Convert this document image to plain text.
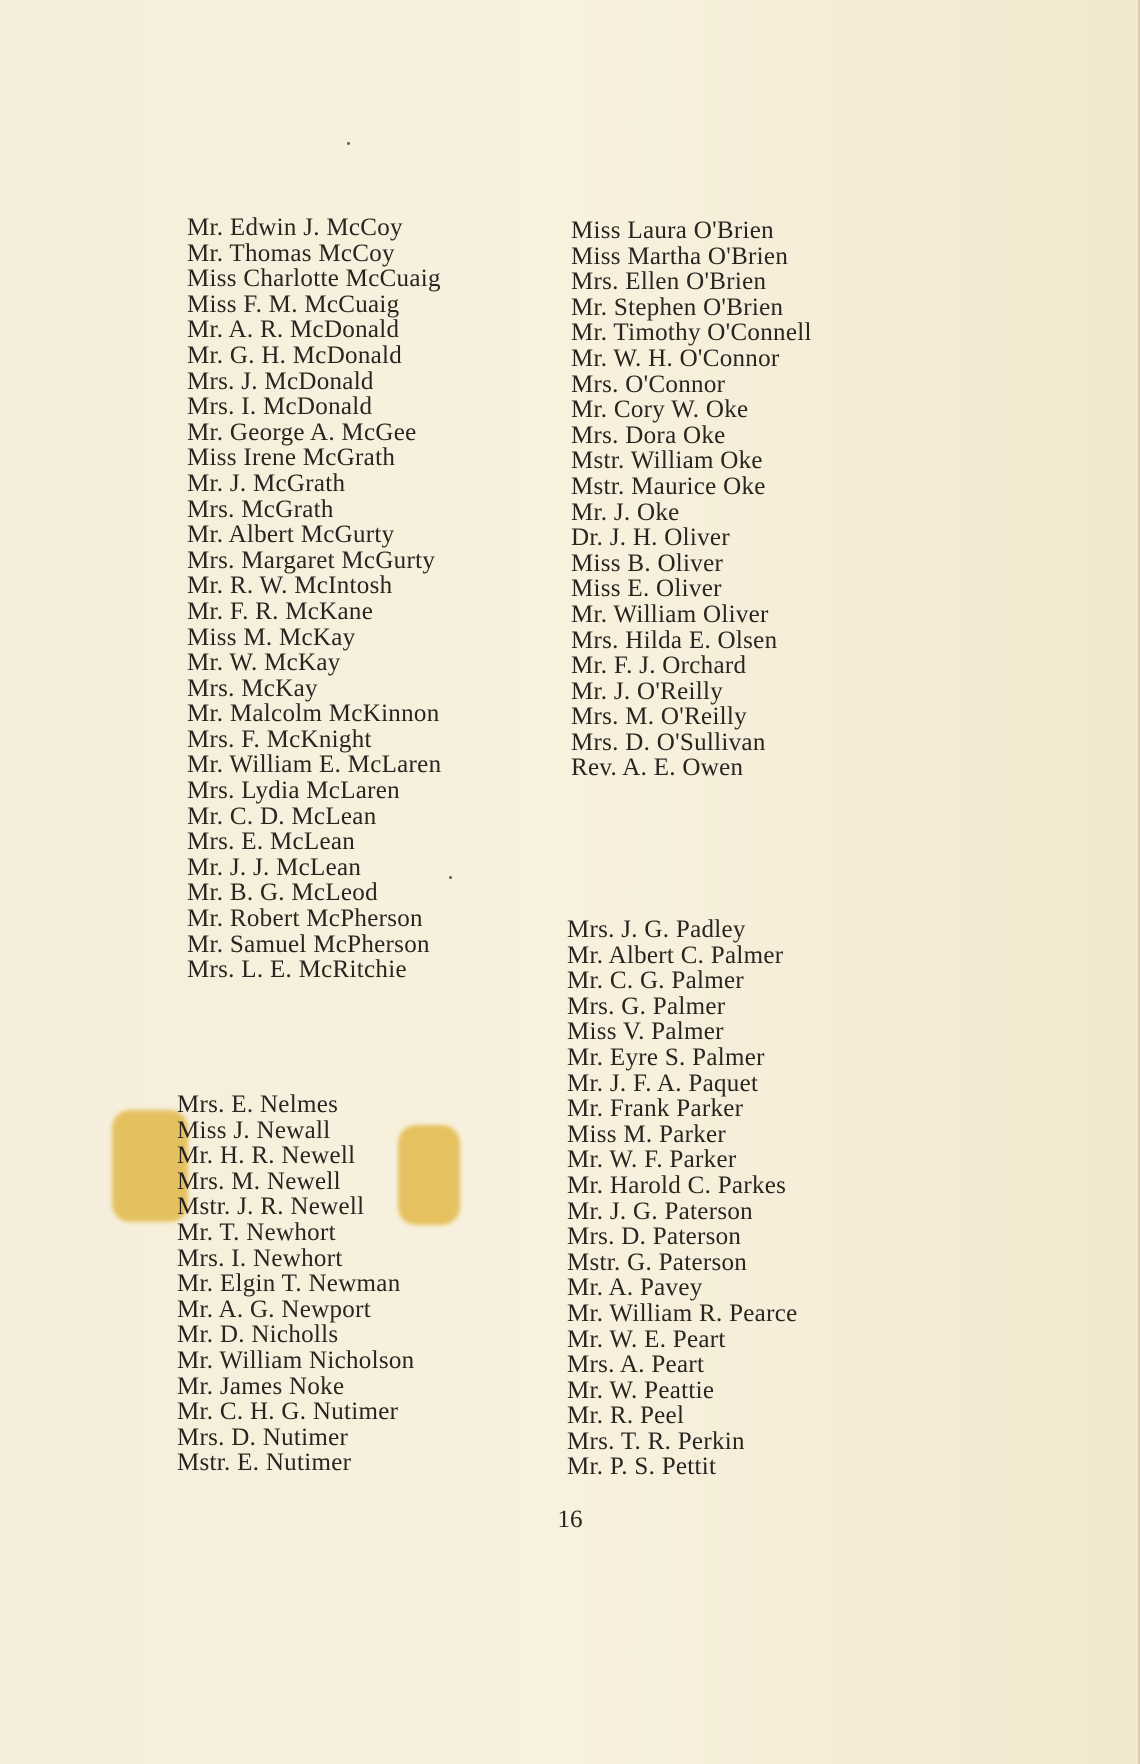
Mr. Edwin J. McCoy
Mr. Thomas McCoy
Miss Charlotte McCuaig
Miss F. M. McCuaig
Mr. A. R. McDonald
Mr. G. H. McDonald
Mrs. J. McDonald
Mrs. I. McDonald
Mr. George A. McGee
Miss Irene McGrath
Mr. J. McGrath
Mrs. McGrath
Mr. Albert McGurty
Mrs. Margaret McGurty
Mr. R. W. McIntosh
Mr. F. R. McKane
Miss M. McKay
Mr. W. McKay
Mrs. McKay
Mr. Malcolm McKinnon
Mrs. F. McKnight
Mr. William E. McLaren
Mrs. Lydia McLaren
Mr. C. D. McLean
Mrs. E. McLean
Mr. J. J. McLean
Mr. B. G. McLeod
Mr. Robert McPherson
Mr. Samuel McPherson
Mrs. L. E. McRitchie
Mrs. E. Nelmes
Miss J. Newall
Mr. H. R. Newell
Mrs. M. Newell
Mstr. J. R. Newell
Mr. T. Newhort
Mrs. I. Newhort
Mr. Elgin T. Newman
Mr. A. G. Newport
Mr. D. Nicholls
Mr. William Nicholson
Mr. James Noke
Mr. C. H. G. Nutimer
Mrs. D. Nutimer
Mstr. E. Nutimer
Miss Laura O'Brien
Miss Martha O'Brien
Mrs. Ellen O'Brien
Mr. Stephen O'Brien
Mr. Timothy O'Connell
Mr. W. H. O'Connor
Mrs. O'Connor
Mr. Cory W. Oke
Mrs. Dora Oke
Mstr. William Oke
Mstr. Maurice Oke
Mr. J. Oke
Dr. J. H. Oliver
Miss B. Oliver
Miss E. Oliver
Mr. William Oliver
Mrs. Hilda E. Olsen
Mr. F. J. Orchard
Mr. J. O'Reilly
Mrs. M. O'Reilly
Mrs. D. O'Sullivan
Rev. A. E. Owen
Mrs. J. G. Padley
Mr. Albert C. Palmer
Mr. C. G. Palmer
Mrs. G. Palmer
Miss V. Palmer
Mr. Eyre S. Palmer
Mr. J. F. A. Paquet
Mr. Frank Parker
Miss M. Parker
Mr. W. F. Parker
Mr. Harold C. Parkes
Mr. J. G. Paterson
Mrs. D. Paterson
Mstr. G. Paterson
Mr. A. Pavey
Mr. William R. Pearce
Mr. W. E. Peart
Mrs. A. Peart
Mr. W. Peattie
Mr. R. Peel
Mrs. T. R. Perkin
Mr. P. S. Pettit
16
